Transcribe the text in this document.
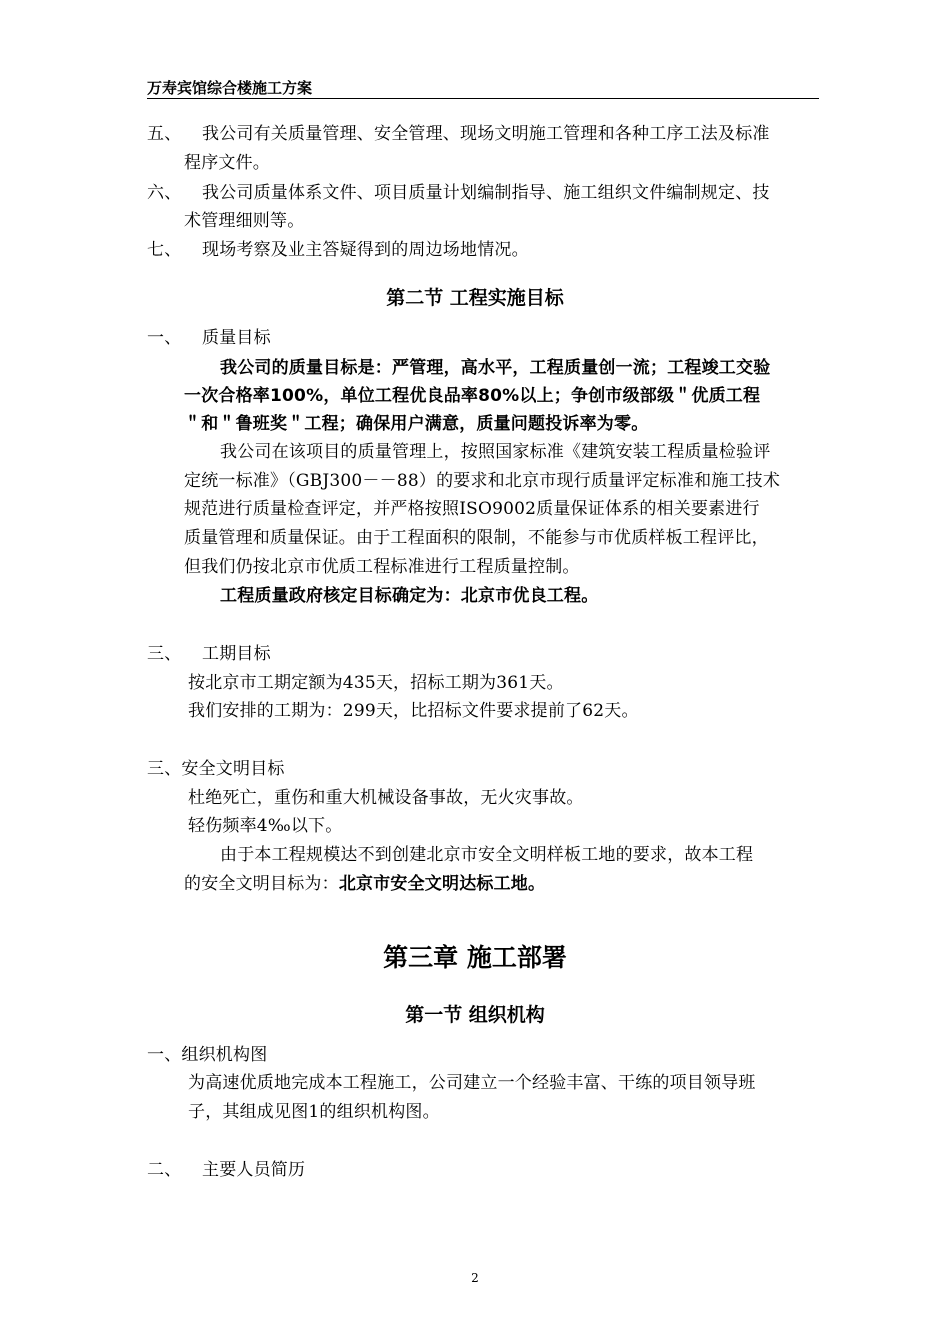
万寿宾馆综合楼施工方案
五、 我公司有关质量管理、安全管理、现场文明施工管理和各种工序工法及标准
程序文件。
六、 我公司质量体系文件、项目质量计划编制指导、施工组织文件编制规定、技
术管理细则等。
七、 现场考察及业主答疑得到的周边场地情况。
第二节 工程实施目标
一、 质量目标
我公司的质量目标是：严管理，高水平，工程质量创一流；工程竣工交验
一次合格率100%，单位工程优良品率80%以上；争创市级部级＂优质工程
＂和＂鲁班奖＂工程；确保用户满意，质量问题投诉率为零。
我公司在该项目的质量管理上，按照国家标准《建筑安装工程质量检验评
定统一标准》（GBJ300－－88）的要求和北京市现行质量评定标准和施工技术
规范进行质量检查评定，并严格按照ISO9002质量保证体系的相关要素进行
质量管理和质量保证。由于工程面积的限制，不能参与市优质样板工程评比，
但我们仍按北京市优质工程标准进行工程质量控制。
工程质量政府核定目标确定为：北京市优良工程。
三、 工期目标
按北京市工期定额为435天，招标工期为361天。
我们安排的工期为：299天，比招标文件要求提前了62天。
三、安全文明目标
杜绝死亡，重伤和重大机械设备事故，无火灾事故。
轻伤频率4‰以下。
由于本工程规模达不到创建北京市安全文明样板工地的要求，故本工程
的安全文明目标为：北京市安全文明达标工地。
第三章 施工部署
第一节 组织机构
一、组织机构图
为高速优质地完成本工程施工，公司建立一个经验丰富、干练的项目领导班
子，其组成见图1的组织机构图。
二、 主要人员简历
2
